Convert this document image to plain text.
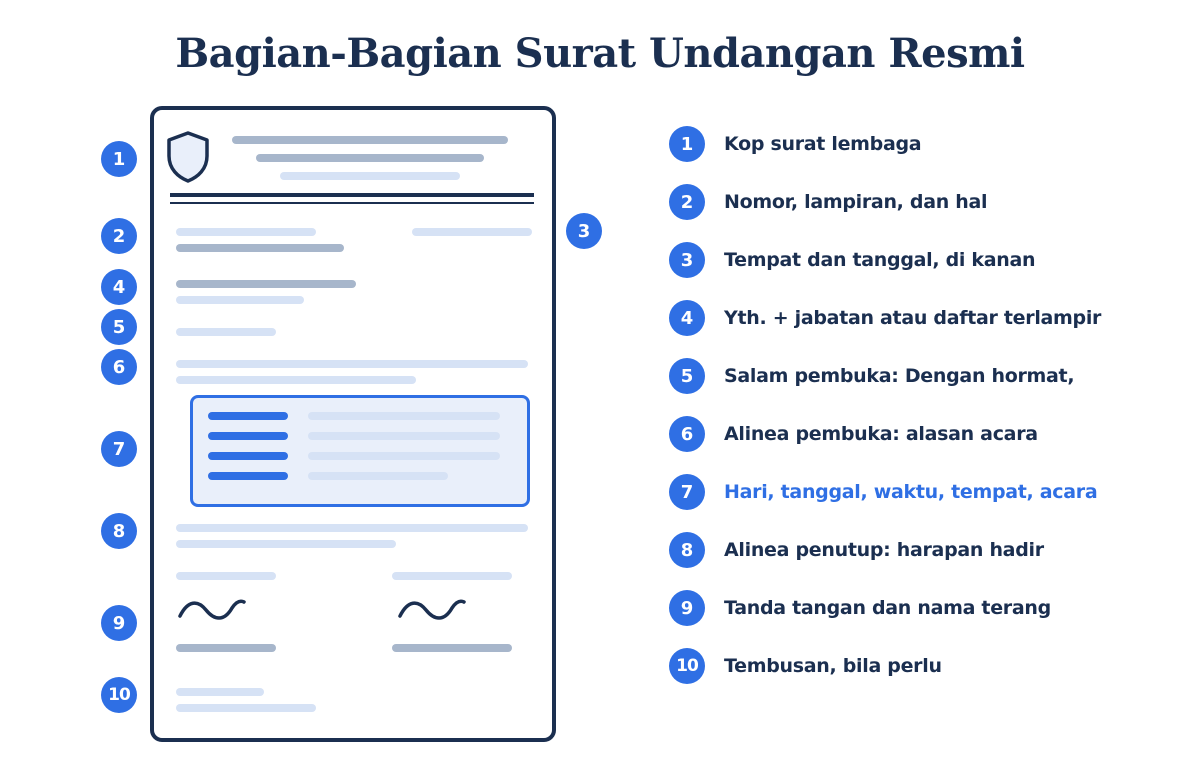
Bagian-Bagian Surat Undangan Resmi
1
2	3
4
5
6
7
8
9
10
1	Kop surat lembaga
2	Nomor, lampiran, dan hal
3	Tempat dan tanggal, di kanan
4	Yth. + jabatan atau daftar terlampir
5	Salam pembuka: Dengan hormat,
6	Alinea pembuka: alasan acara
7	Hari, tanggal, waktu, tempat, acara
8	Alinea penutup: harapan hadir
9	Tanda tangan dan nama terang
10	Tembusan, bila perlu
